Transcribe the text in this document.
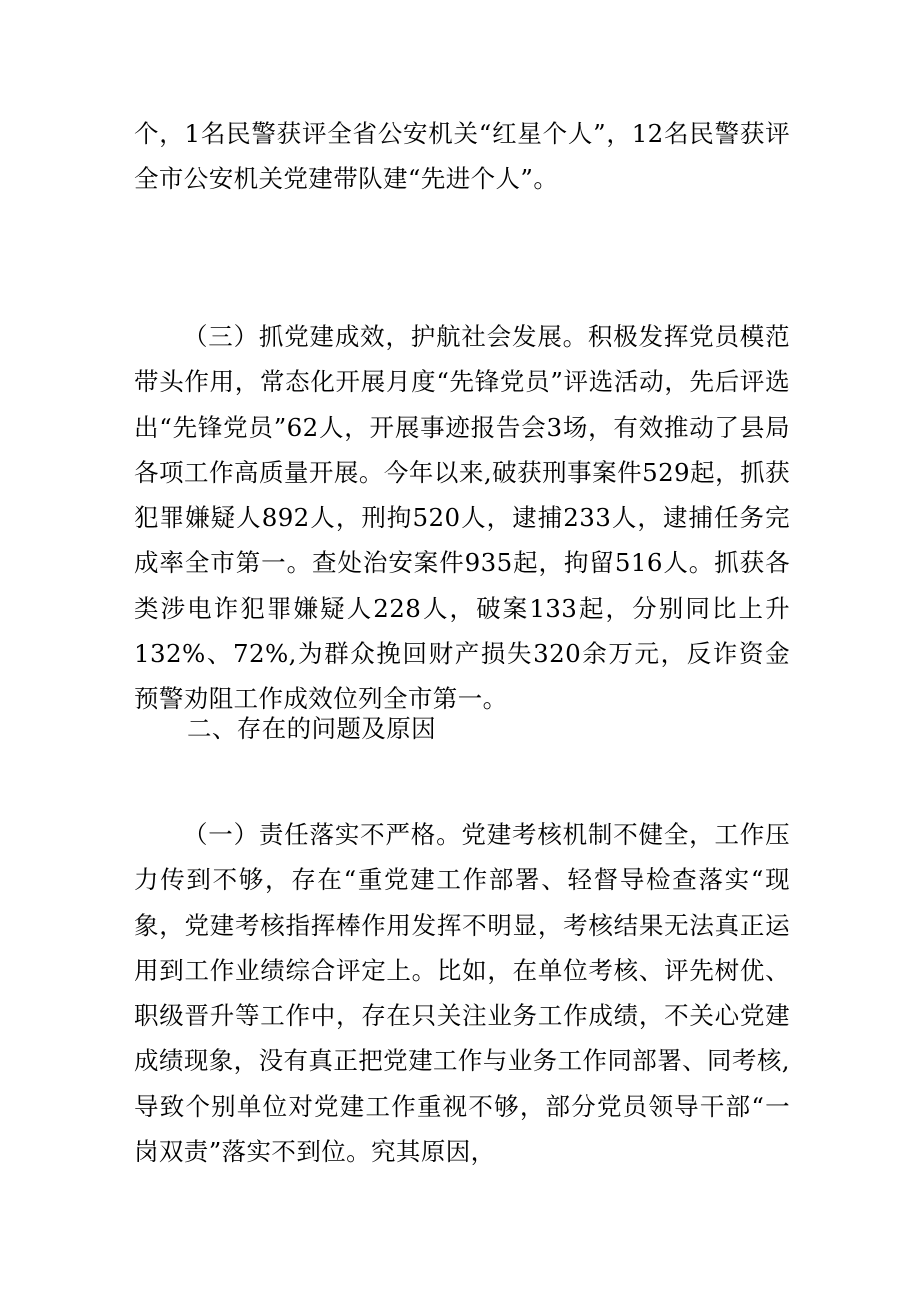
个，1名民警获评全省公安机关“红星个人”，12名民警获评全市公安机关党建带队建“先进个人”。

（三）抓党建成效，护航社会发展。积极发挥党员模范带头作用，常态化开展月度“先锋党员”评选活动，先后评选出“先锋党员”62人，开展事迹报告会3场，有效推动了县局各项工作高质量开展。今年以来,破获刑事案件529起，抓获犯罪嫌疑人892人，刑拘520人，逮捕233人，逮捕任务完成率全市第一。查处治安案件935起，拘留516人。抓获各类涉电诈犯罪嫌疑人228人，破案133起，分别同比上升132%、72%,为群众挽回财产损失320余万元，反诈资金预警劝阻工作成效位列全市第一。

二、存在的问题及原因

（一）责任落实不严格。党建考核机制不健全，工作压力传到不够，存在“重党建工作部署、轻督导检查落实“现象，党建考核指挥棒作用发挥不明显，考核结果无法真正运用到工作业绩综合评定上。比如，在单位考核、评先树优、职级晋升等工作中，存在只关注业务工作成绩，不关心党建成绩现象，没有真正把党建工作与业务工作同部署、同考核,导致个别单位对党建工作重视不够，部分党员领导干部“一岗双责”落实不到位。究其原因，
